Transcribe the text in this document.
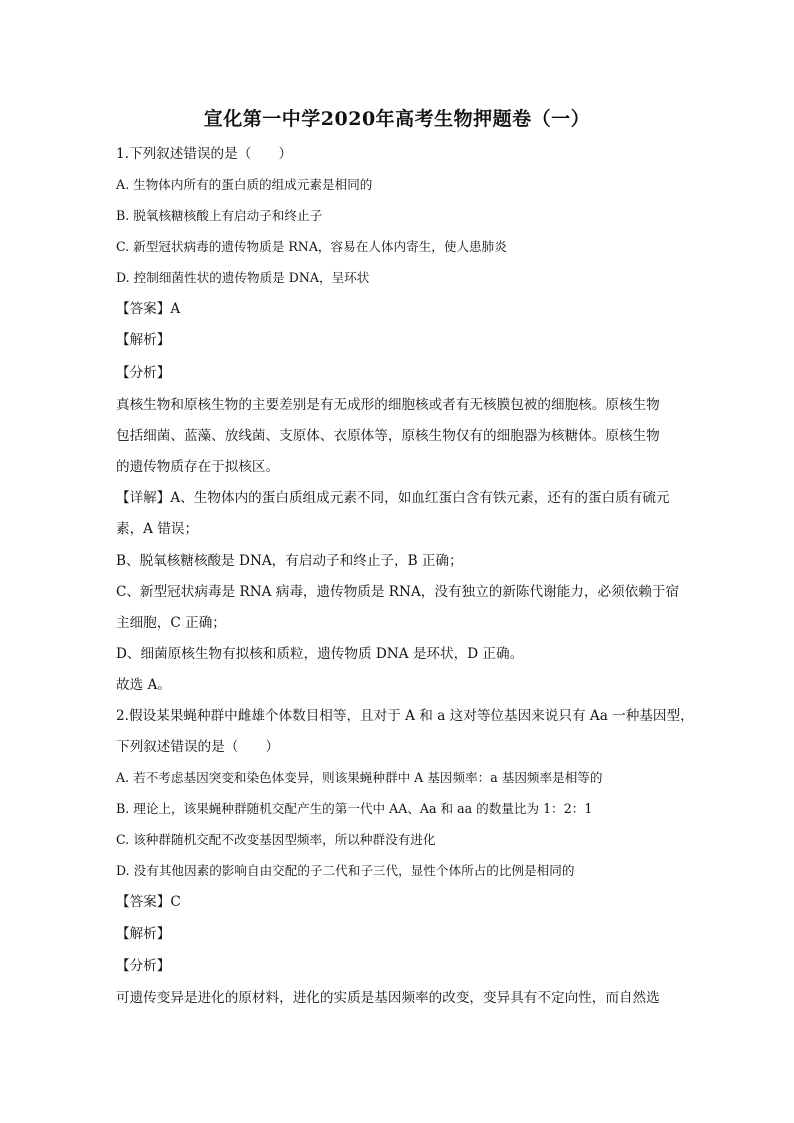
宣化第一中学2020年高考生物押题卷（一）
1.下列叙述错误的是（　　）
A. 生物体内所有的蛋白质的组成元素是相同的
B. 脱氧核糖核酸上有启动子和终止子
C. 新型冠状病毒的遗传物质是 RNA，容易在人体内寄生，使人患肺炎
D. 控制细菌性状的遗传物质是 DNA，呈环状
【答案】A
【解析】
【分析】
真核生物和原核生物的主要差别是有无成形的细胞核或者有无核膜包被的细胞核。原核生物
包括细菌、蓝藻、放线菌、支原体、衣原体等，原核生物仅有的细胞器为核糖体。原核生物
的遗传物质存在于拟核区。
【详解】A、生物体内的蛋白质组成元素不同，如血红蛋白含有铁元素，还有的蛋白质有硫元
素，A 错误；
B、脱氧核糖核酸是 DNA，有启动子和终止子，B 正确；
C、新型冠状病毒是 RNA 病毒，遗传物质是 RNA，没有独立的新陈代谢能力，必须依赖于宿
主细胞，C 正确；
D、细菌原核生物有拟核和质粒，遗传物质 DNA 是环状，D 正确。
故选 A。
2.假设某果蝇种群中雌雄个体数目相等，且对于 A 和 a 这对等位基因来说只有 Aa 一种基因型，
下列叙述错误的是（　　）
A. 若不考虑基因突变和染色体变异，则该果蝇种群中 A 基因频率：a 基因频率是相等的
B. 理论上，该果蝇种群随机交配产生的第一代中 AA、Aa 和 aa 的数量比为 1：2：1
C. 该种群随机交配不改变基因型频率，所以种群没有进化
D. 没有其他因素的影响自由交配的子二代和子三代，显性个体所占的比例是相同的
【答案】C
【解析】
【分析】
可遗传变异是进化的原材料，进化的实质是基因频率的改变，变异具有不定向性，而自然选
